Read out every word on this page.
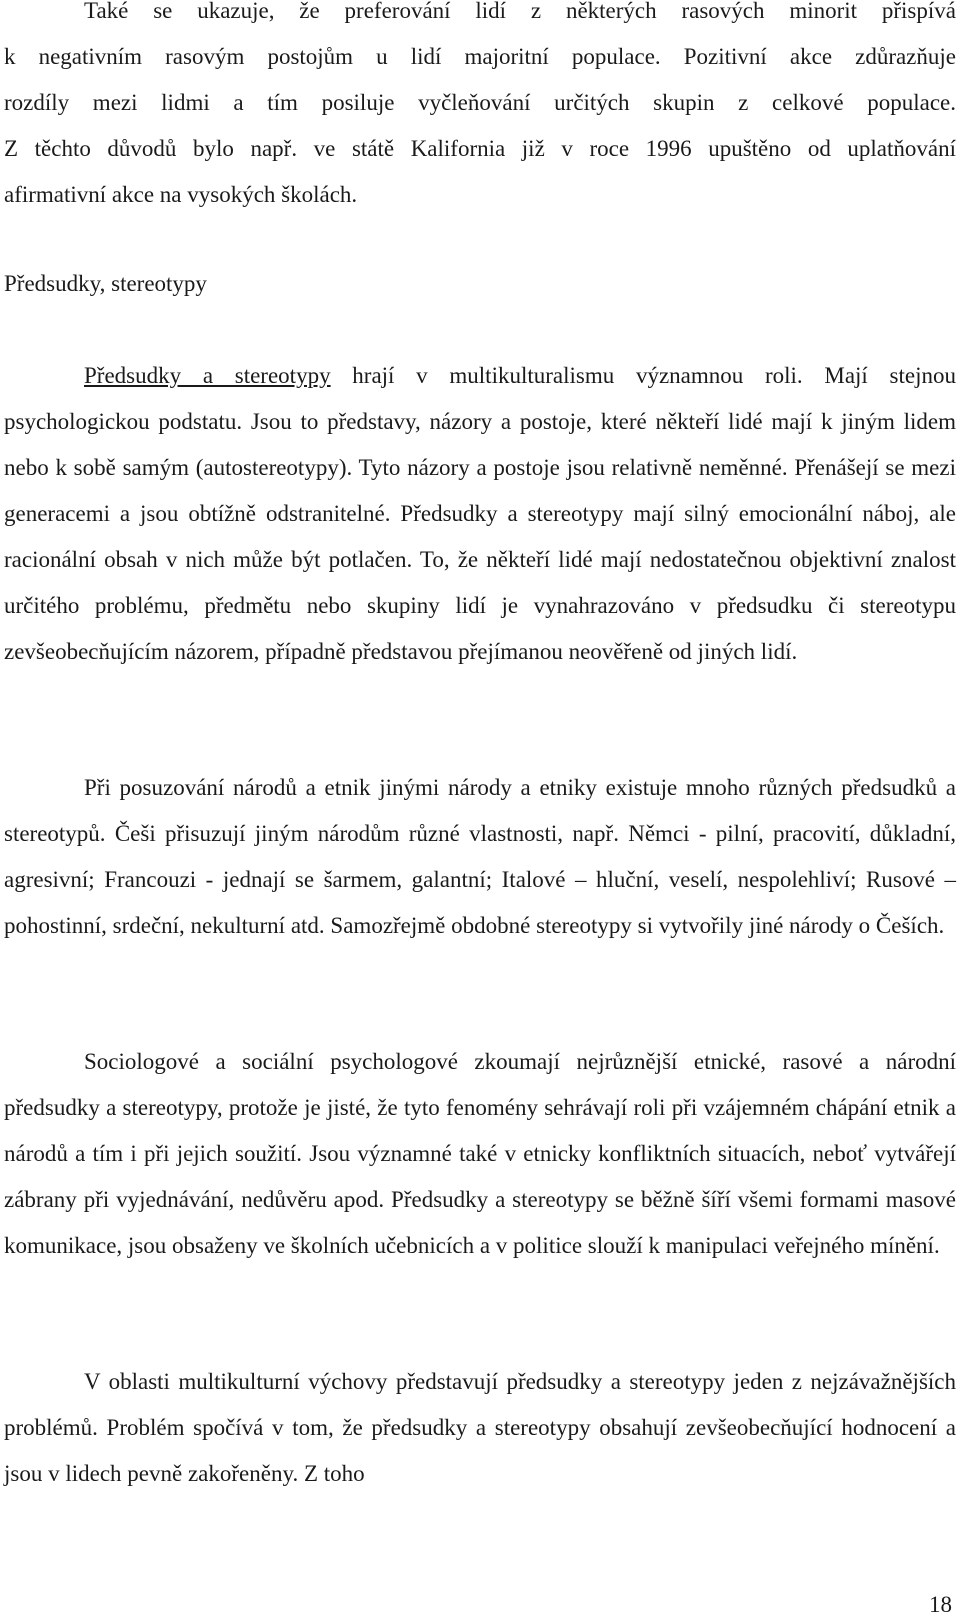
Také se ukazuje, že preferování lidí z některých rasových minorit přispívá
k negativním rasovým postojům u lidí majoritní populace. Pozitivní akce zdůrazňuje
rozdíly mezi lidmi a tím posiluje vyčleňování určitých skupin z celkové populace.
Z těchto důvodů bylo např. ve státě Kalifornia již v roce 1996 upuštěno od uplatňování
afirmativní akce na vysokých školách.

Předsudky, stereotypy

Předsudky a stereotypy hrají v multikulturalismu významnou roli. Mají stejnou psychologickou podstatu. Jsou to představy, názory a postoje, které někteří lidé mají k jiným lidem nebo k sobě samým (autostereotypy). Tyto názory a postoje jsou relativně neměnné. Přenášejí se mezi generacemi a jsou obtížně odstranitelné. Předsudky a stereotypy mají silný emocionální náboj, ale racionální obsah v nich může být potlačen. To, že někteří lidé mají nedostatečnou objektivní znalost určitého problému, předmětu nebo skupiny lidí je vynahrazováno v předsudku či stereotypu zevšeobecňujícím názorem, případně představou přejímanou neověřeně od jiných lidí.

Při posuzování národů a etnik jinými národy a etniky existuje mnoho různých předsudků a stereotypů. Češi přisuzují jiným národům různé vlastnosti, např. Němci - pilní, pracovití, důkladní, agresivní; Francouzi - jednají se šarmem, galantní; Italové – hluční, veselí, nespolehliví; Rusové – pohostinní, srdeční, nekulturní atd. Samozřejmě obdobné stereotypy si vytvořily jiné národy o Češích.

Sociologové a sociální psychologové zkoumají nejrůznější etnické, rasové a národní předsudky a stereotypy, protože je jisté, že tyto fenomény sehrávají roli při vzájemném chápání etnik a národů a tím i při jejich soužití. Jsou významné také v etnicky konfliktních situacích, neboť vytvářejí zábrany při vyjednávání, nedůvěru apod. Předsudky a stereotypy se běžně šíří všemi formami masové komunikace, jsou obsaženy ve školních učebnicích a v politice slouží k manipulaci veřejného mínění.

V oblasti multikulturní výchovy představují předsudky a stereotypy jeden z nejzávažnějších problémů. Problém spočívá v tom, že předsudky a stereotypy obsahují zevšeobecňující hodnocení a jsou v lidech pevně zakořeněny. Z toho

18
